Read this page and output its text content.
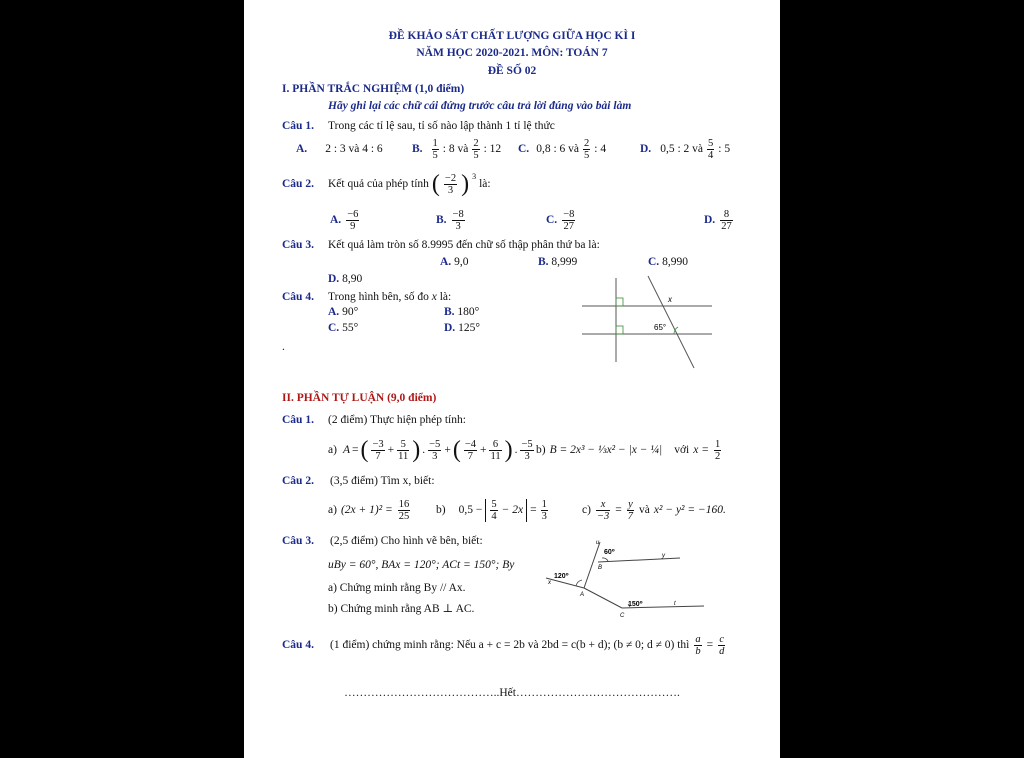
ĐỀ KHẢO SÁT CHẤT LƯỢNG GIỮA HỌC KÌ I
NĂM HỌC 2020-2021. MÔN: TOÁN 7
ĐỀ SỐ 02
I. PHẦN TRẮC NGHIỆM (1,0 điểm)
Hãy ghi lại các chữ cái đứng trước câu trả lời đúng vào bài làm
Câu 1. Trong các tỉ lệ sau, tỉ số nào lập thành 1 tỉ lệ thức
A. 2 : 3 và 4 : 6	B. $\frac{1}{5}$ : 8 và $\frac{2}{5}$ : 12 C. 0,8 : 6 và $\frac{2}{5}$ : 4	D. 0,5 : 2 và $\frac{5}{4}$ : 5
Câu 2. Kết quả của phép tính ( $\frac{-2}{3}$ ) 3
là:
A. $\frac{-6}{9}$	B. $\frac{-8}{3}$	C. $\frac{-8}{27}$	D. $\frac{8}{27}$
Câu 3. Kết quả làm tròn số 8.9995 đến chữ số thập phân thứ ba là:
A. 9,0	B. 8,999	C. 8,990
D. 8,90
Câu 4. Trong hình bên, số đo x là:
A. 90°	B. 180°
C. 55°	D. 125°
x
65°
.
II. PHẦN TỰ LUẬN (9,0 điểm)
Câu 1. (2 điểm) Thực hiện phép tính:
a) A = ( $\frac{-3}{7} + \frac{5}{11}$ ) . $\frac{-5}{3}$ + ( $\frac{-4}{7} + \frac{6}{11}$ ) . $\frac{-5}{3} b$) B = 2x³ − ⅓x² − |x − ¼| với $x = \frac{1}{2}$
Câu 2. (3,5 điểm) Tìm x, biết:
a) $(2x + 1)^2 = \frac{16}{25} b$) $0,5 - \frac{5}{4} - 2x = \frac{1}{3}$	$c) \frac{x}{-3} = \frac{y}{7}$ và x² − y² = −160.
Câu 3. (2,5 điểm) Cho hình vẽ bên, biết:
uBy = 60°, BAx = 120°; ACt = 150°; By
a) Chứng minh rằng By // Ax.
b) Chứng minh rằng AB ⊥ AC.
u
60⁰	y
B
120⁰
x
A
150⁰	t
C
Câu 4. (1 điểm) chứng minh rằng: Nếu a + c = 2b và 2bd = c(b + d); (b ≠ 0; d ≠ 0) thì $\frac{a}{b} = \frac{c}{d}$
…………………………………..Hết…………………………………….
